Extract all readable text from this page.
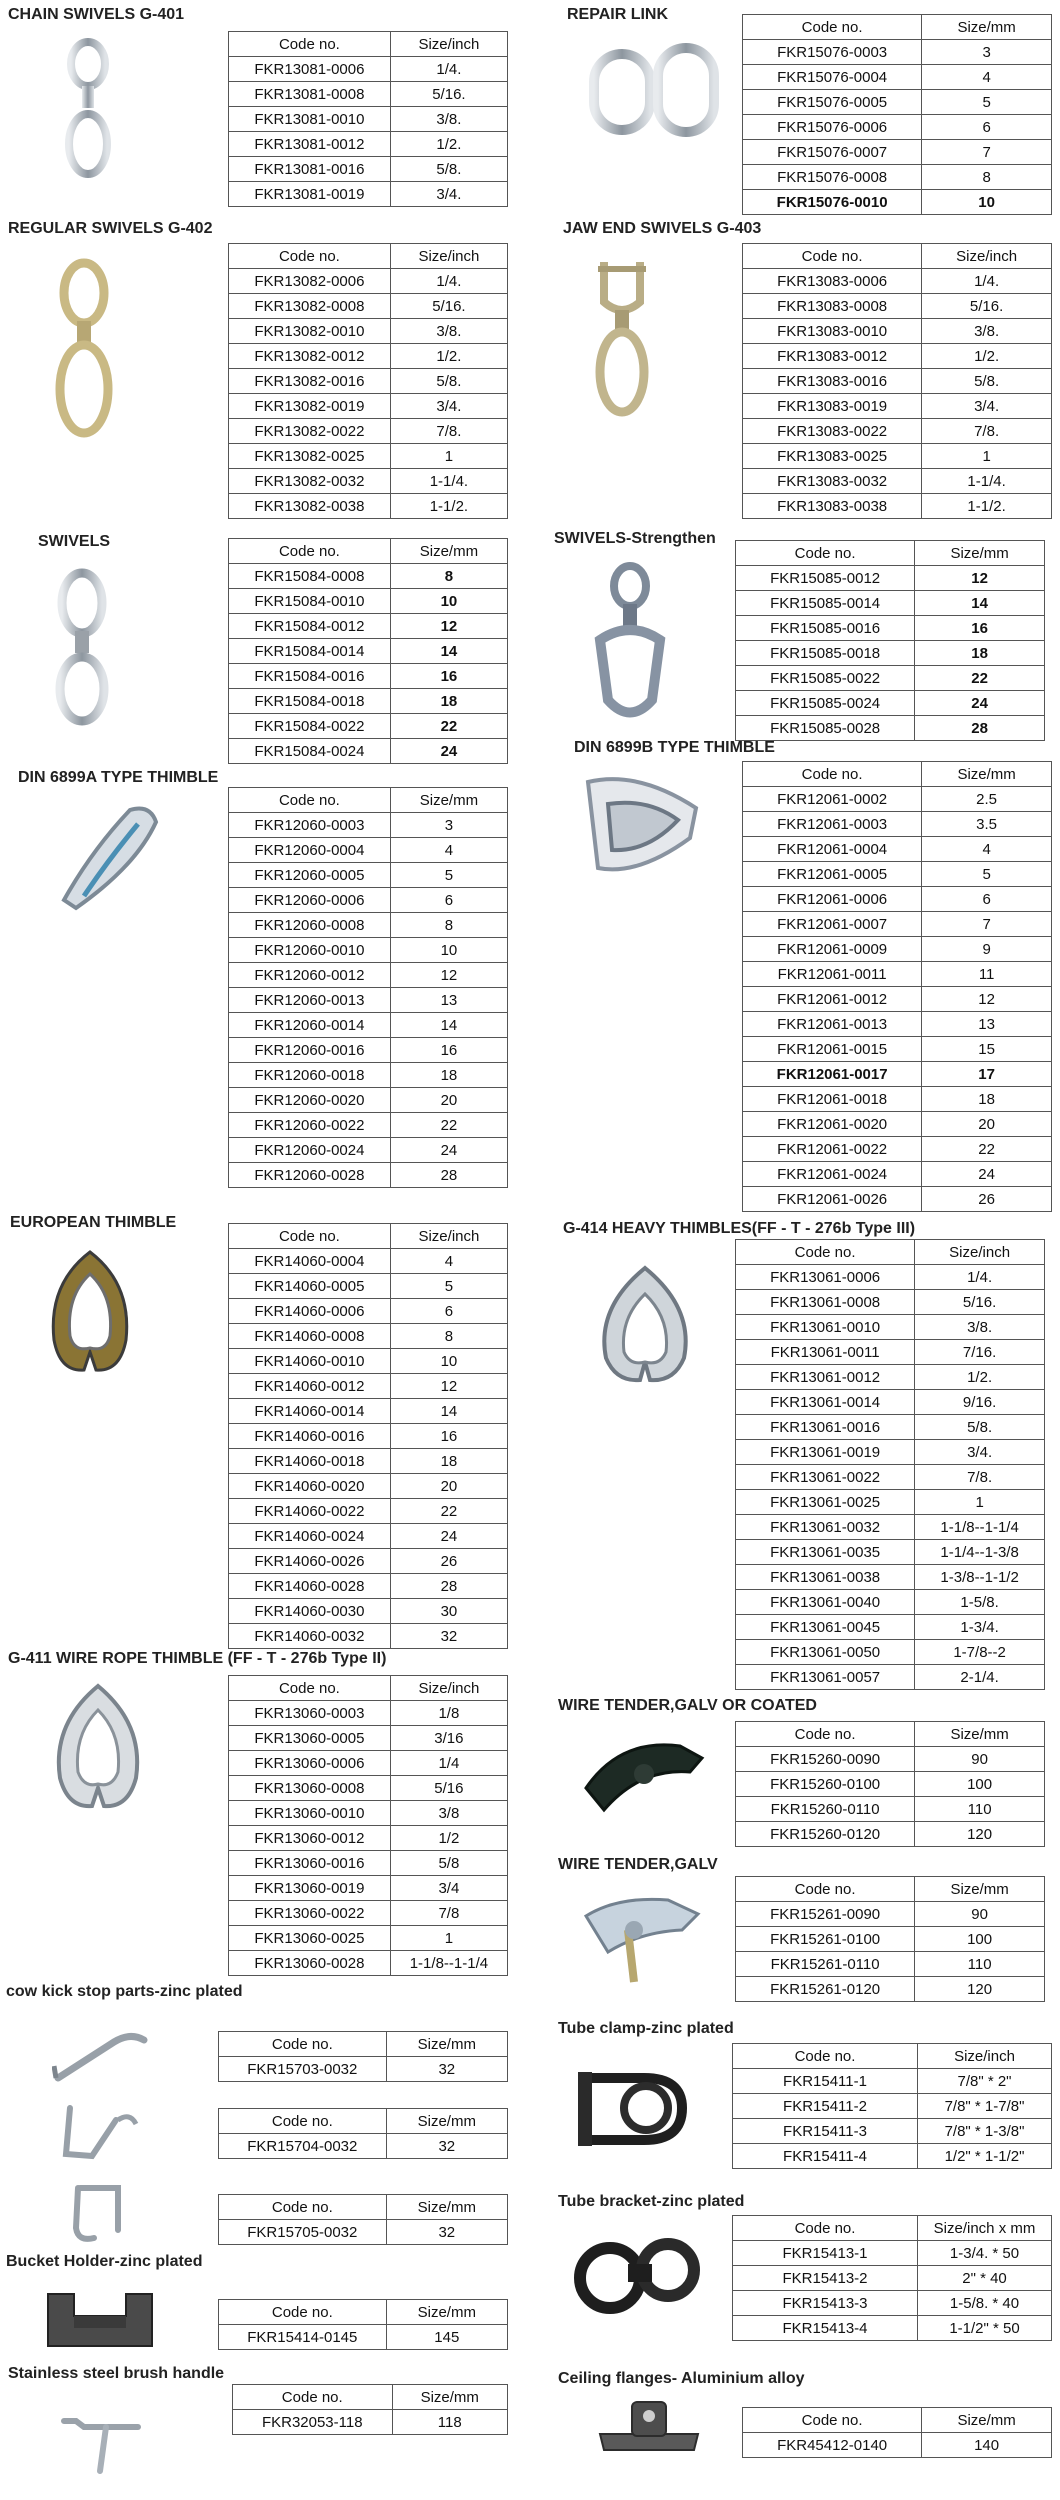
CHAIN SWIVELS G-401
Code no.	Size/inch
FKR13081-0006	1/4.
FKR13081-0008	5/16.
FKR13081-0010	3/8.
FKR13081-0012	1/2.
FKR13081-0016	5/8.
FKR13081-0019	3/4.
REPAIR LINK
Code no.	Size/mm
FKR15076-0003	3
FKR15076-0004	4
FKR15076-0005	5
FKR15076-0006	6
FKR15076-0007	7
FKR15076-0008	8
FKR15076-0010	10
REGULAR SWIVELS G-402
Code no.	Size/inch
FKR13082-0006	1/4.
FKR13082-0008	5/16.
FKR13082-0010	3/8.
FKR13082-0012	1/2.
FKR13082-0016	5/8.
FKR13082-0019	3/4.
FKR13082-0022	7/8.
FKR13082-0025	1
FKR13082-0032	1-1/4.
FKR13082-0038	1-1/2.
JAW END SWIVELS G-403
Code no.	Size/inch
FKR13083-0006	1/4.
FKR13083-0008	5/16.
FKR13083-0010	3/8.
FKR13083-0012	1/2.
FKR13083-0016	5/8.
FKR13083-0019	3/4.
FKR13083-0022	7/8.
FKR13083-0025	1
FKR13083-0032	1-1/4.
FKR13083-0038	1-1/2.
SWIVELS
Code no.	Size/mm
FKR15084-0008	8
FKR15084-0010	10
FKR15084-0012	12
FKR15084-0014	14
FKR15084-0016	16
FKR15084-0018	18
FKR15084-0022	22
FKR15084-0024	24
SWIVELS-Strengthen
Code no.	Size/mm
FKR15085-0012	12
FKR15085-0014	14
FKR15085-0016	16
FKR15085-0018	18
FKR15085-0022	22
FKR15085-0024	24
FKR15085-0028	28
DIN 6899A TYPE THIMBLE
Code no.	Size/mm
FKR12060-0003	3
FKR12060-0004	4
FKR12060-0005	5
FKR12060-0006	6
FKR12060-0008	8
FKR12060-0010	10
FKR12060-0012	12
FKR12060-0013	13
FKR12060-0014	14
FKR12060-0016	16
FKR12060-0018	18
FKR12060-0020	20
FKR12060-0022	22
FKR12060-0024	24
FKR12060-0028	28
DIN 6899B TYPE THIMBLE
Code no.	Size/mm
FKR12061-0002	2.5
FKR12061-0003	3.5
FKR12061-0004	4
FKR12061-0005	5
FKR12061-0006	6
FKR12061-0007	7
FKR12061-0009	9
FKR12061-0011	11
FKR12061-0012	12
FKR12061-0013	13
FKR12061-0015	15
FKR12061-0017	17
FKR12061-0018	18
FKR12061-0020	20
FKR12061-0022	22
FKR12061-0024	24
FKR12061-0026	26
EUROPEAN THIMBLE
Code no.	Size/inch
FKR14060-0004	4
FKR14060-0005	5
FKR14060-0006	6
FKR14060-0008	8
FKR14060-0010	10
FKR14060-0012	12
FKR14060-0014	14
FKR14060-0016	16
FKR14060-0018	18
FKR14060-0020	20
FKR14060-0022	22
FKR14060-0024	24
FKR14060-0026	26
FKR14060-0028	28
FKR14060-0030	30
FKR14060-0032	32
G-414 HEAVY THIMBLES(FF - T - 276b Type III)
Code no.	Size/inch
FKR13061-0006	1/4.
FKR13061-0008	5/16.
FKR13061-0010	3/8.
FKR13061-0011	7/16.
FKR13061-0012	1/2.
FKR13061-0014	9/16.
FKR13061-0016	5/8.
FKR13061-0019	3/4.
FKR13061-0022	7/8.
FKR13061-0025	1
FKR13061-0032	1-1/8--1-1/4
FKR13061-0035	1-1/4--1-3/8
FKR13061-0038	1-3/8--1-1/2
FKR13061-0040	1-5/8.
FKR13061-0045	1-3/4.
FKR13061-0050	1-7/8--2
FKR13061-0057	2-1/4.
G-411 WIRE ROPE THIMBLE (FF - T - 276b Type II)
Code no.	Size/inch
FKR13060-0003	1/8
FKR13060-0005	3/16
FKR13060-0006	1/4
FKR13060-0008	5/16
FKR13060-0010	3/8
FKR13060-0012	1/2
FKR13060-0016	5/8
FKR13060-0019	3/4
FKR13060-0022	7/8
FKR13060-0025	1
FKR13060-0028	1-1/8--1-1/4
WIRE TENDER,GALV OR COATED
Code no.	Size/mm
FKR15260-0090	90
FKR15260-0100	100
FKR15260-0110	110
FKR15260-0120	120
WIRE TENDER,GALV
Code no.	Size/mm
FKR15261-0090	90
FKR15261-0100	100
FKR15261-0110	110
FKR15261-0120	120
cow kick stop parts-zinc plated
Code no.	Size/mm
FKR15703-0032	32
Code no.	Size/mm
FKR15704-0032	32
Code no.	Size/mm
FKR15705-0032	32
Tube clamp-zinc plated
Code no.	Size/inch
FKR15411-1	7/8" * 2"
FKR15411-2	7/8" * 1-7/8"
FKR15411-3	7/8" * 1-3/8"
FKR15411-4	1/2" * 1-1/2"
Tube bracket-zinc plated
Code no.	Size/inch x mm
FKR15413-1	1-3/4. * 50
FKR15413-2	2" * 40
FKR15413-3	1-5/8. * 40
FKR15413-4	1-1/2" * 50
Bucket Holder-zinc plated
Code no.	Size/mm
FKR15414-0145	145
Stainless steel brush handle
Code no.	Size/mm
FKR32053-118	118
Ceiling flanges- Aluminium alloy
Code no.	Size/mm
FKR45412-0140	140
